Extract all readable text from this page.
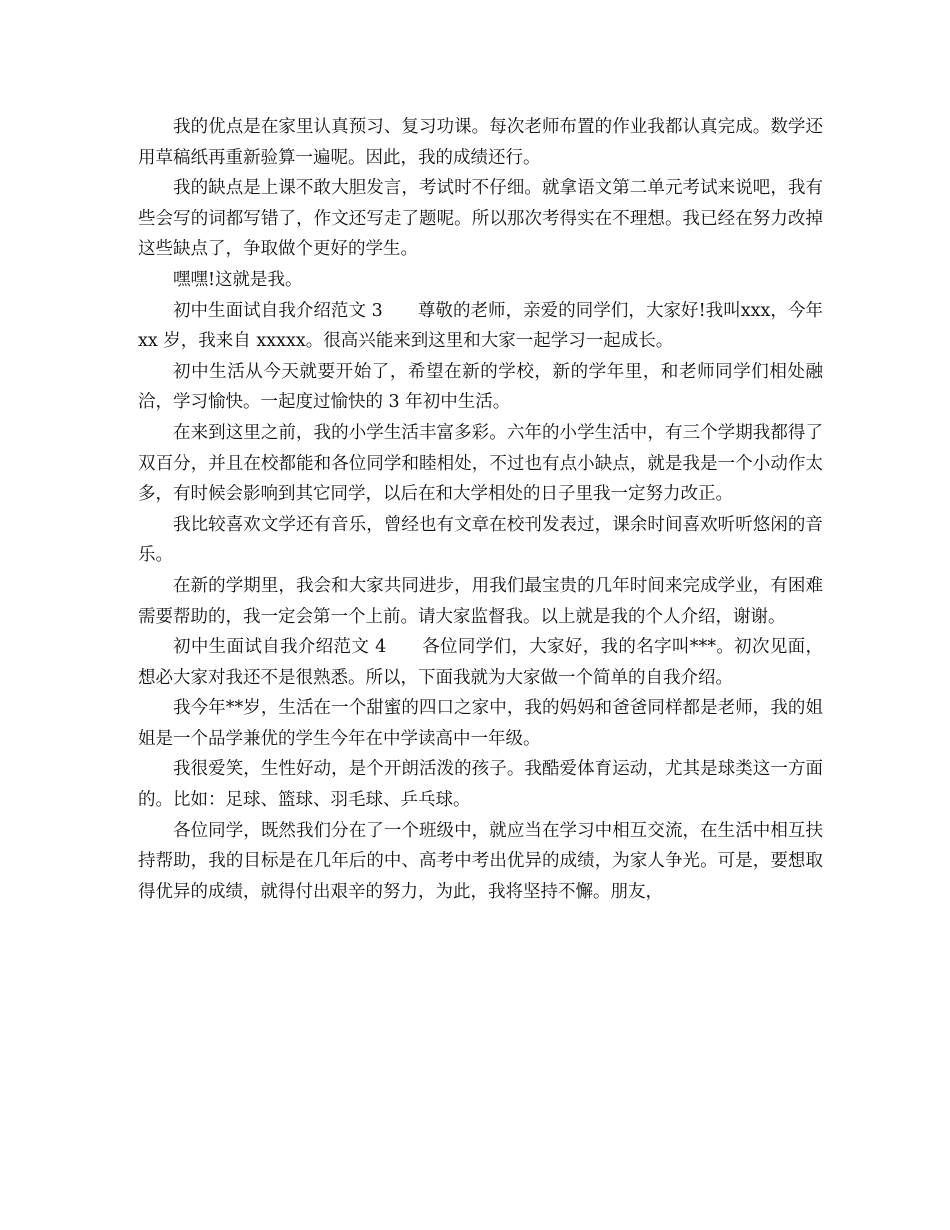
我的优点是在家里认真预习、复习功课。每次老师布置的作业我都认真完成。数学还用草稿纸再重新验算一遍呢。因此，我的成绩还行。

我的缺点是上课不敢大胆发言，考试时不仔细。就拿语文第二单元考试来说吧，我有些会写的词都写错了，作文还写走了题呢。所以那次考得实在不理想。我已经在努力改掉这些缺点了，争取做个更好的学生。

嘿嘿!这就是我。

初中生面试自我介绍范文 3　　尊敬的老师，亲爱的同学们，大家好!我叫xxx，今年 xx 岁，我来自 xxxxx。很高兴能来到这里和大家一起学习一起成长。

初中生活从今天就要开始了，希望在新的学校，新的学年里，和老师同学们相处融洽，学习愉快。一起度过愉快的 3 年初中生活。

在来到这里之前，我的小学生活丰富多彩。六年的小学生活中，有三个学期我都得了双百分，并且在校都能和各位同学和睦相处，不过也有点小缺点，就是我是一个小动作太多，有时候会影响到其它同学，以后在和大学相处的日子里我一定努力改正。

我比较喜欢文学还有音乐，曾经也有文章在校刊发表过，课余时间喜欢听听悠闲的音乐。

在新的学期里，我会和大家共同进步，用我们最宝贵的几年时间来完成学业，有困难需要帮助的，我一定会第一个上前。请大家监督我。以上就是我的个人介绍，谢谢。

初中生面试自我介绍范文 4　　各位同学们，大家好，我的名字叫***。初次见面，想必大家对我还不是很熟悉。所以，下面我就为大家做一个简单的自我介绍。

我今年**岁，生活在一个甜蜜的四口之家中，我的妈妈和爸爸同样都是老师，我的姐姐是一个品学兼优的学生今年在中学读高中一年级。

我很爱笑，生性好动，是个开朗活泼的孩子。我酷爱体育运动，尤其是球类这一方面的。比如：足球、篮球、羽毛球、乒乓球。

各位同学，既然我们分在了一个班级中，就应当在学习中相互交流，在生活中相互扶持帮助，我的目标是在几年后的中、高考中考出优异的成绩，为家人争光。可是，要想取得优异的成绩，就得付出艰辛的努力，为此，我将坚持不懈。朋友，
